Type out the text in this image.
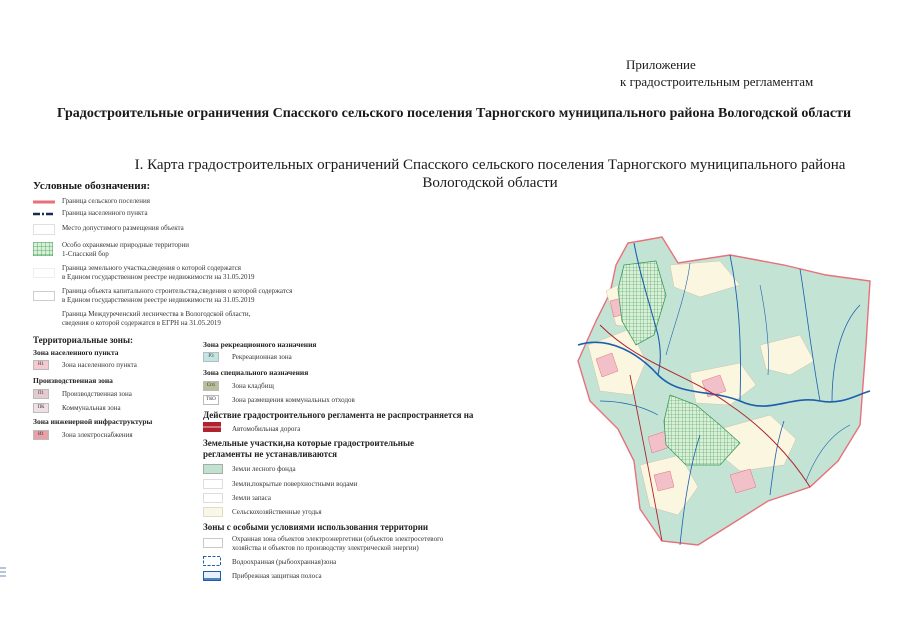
Приложение
к градостроительным регламентам
Градостроительные ограничения Спасского сельского поселения Тарногского муниципального района Вологодской области
I. Карта градостроительных ограничений Спасского сельского поселения Тарногского муниципального района Вологодской области
Условные обозначения:
Граница сельского поселения
Граница населенного пункта
Место допустимого размещения объекта
Особо охраняемые природные территории
1-Спасский бор
Граница земельного участка,сведения о которой содержатся
в Едином государственном реестре недвижимости на 31.05.2019
Граница объекта капитального строительства,сведения о которой содержатся
в Едином государственном реестре недвижимости на 31.05.2019
Граница Междуреченский лесничества в Вологодской области,
сведения о которой содержатся в ЕГРН на 31.05.2019
Территориальные зоны:
Зона населенного пункта
Н1	Зона населенного пункта
Производственная зона
П1	Производственная зона
ПК	Коммунальная зона
Зона инженерной инфраструктуры
И1	Зона электроснабжения
Зона рекреационного назначения
Р3	Рекреационная зона
Зона специального назначения
Сп1	Зона кладбищ
ТКО	Зона размещения коммунальных отходов
Действие градостроительного регламента не распространяется на
Автомобильная дорога
Земельные участки,на которые градостроительные регламенты не устанавливаются
Земли лесного фонда
Земли,покрытые поверхностными водами
Земли запаса
Сельскохозяйственные угодья
Зоны с особыми условиями использования территории
Охранная зона объектов электроэнергетики (объектов электросетевого
хозяйства и объектов по производству электрической энергии)
Водоохранная (рыбоохранная)зона
Прибрежная защитная полоса
